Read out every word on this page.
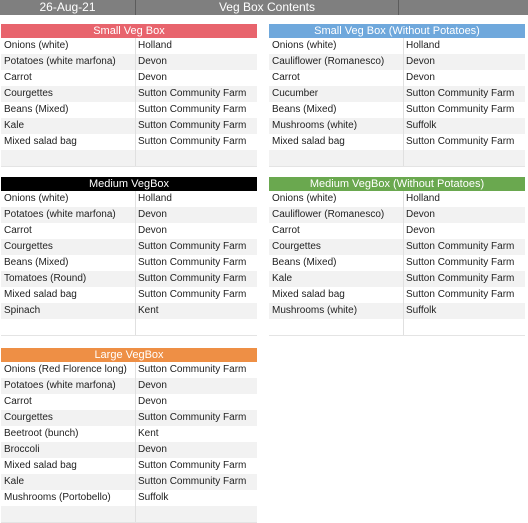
26-Aug-21	Veg Box Contents
Small Veg Box
Onions (white)	Holland
Potatoes (white marfona)	Devon
Carrot	Devon
Courgettes	Sutton Community Farm
Beans (Mixed)	Sutton Community Farm
Kale	Sutton Community Farm
Mixed salad bag	Sutton Community Farm
Small Veg Box (Without Potatoes)
Onions (white)	Holland
Cauliflower (Romanesco)	Devon
Carrot	Devon
Cucumber	Sutton Community Farm
Beans (Mixed)	Sutton Community Farm
Mushrooms (white)	Suffolk
Mixed salad bag	Sutton Community Farm
Medium VegBox
Onions (white)	Holland
Potatoes (white marfona)	Devon
Carrot	Devon
Courgettes	Sutton Community Farm
Beans (Mixed)	Sutton Community Farm
Tomatoes (Round)	Sutton Community Farm
Mixed salad bag	Sutton Community Farm
Spinach	Kent
Medium VegBox (Without Potatoes)
Onions (white)	Holland
Cauliflower (Romanesco)	Devon
Carrot	Devon
Courgettes	Sutton Community Farm
Beans (Mixed)	Sutton Community Farm
Kale	Sutton Community Farm
Mixed salad bag	Sutton Community Farm
Mushrooms (white)	Suffolk
Large VegBox
Onions (Red Florence long)	Sutton Community Farm
Potatoes (white marfona)	Devon
Carrot	Devon
Courgettes	Sutton Community Farm
Beetroot (bunch)	Kent
Broccoli	Devon
Mixed salad bag	Sutton Community Farm
Kale	Sutton Community Farm
Mushrooms (Portobello)	Suffolk
